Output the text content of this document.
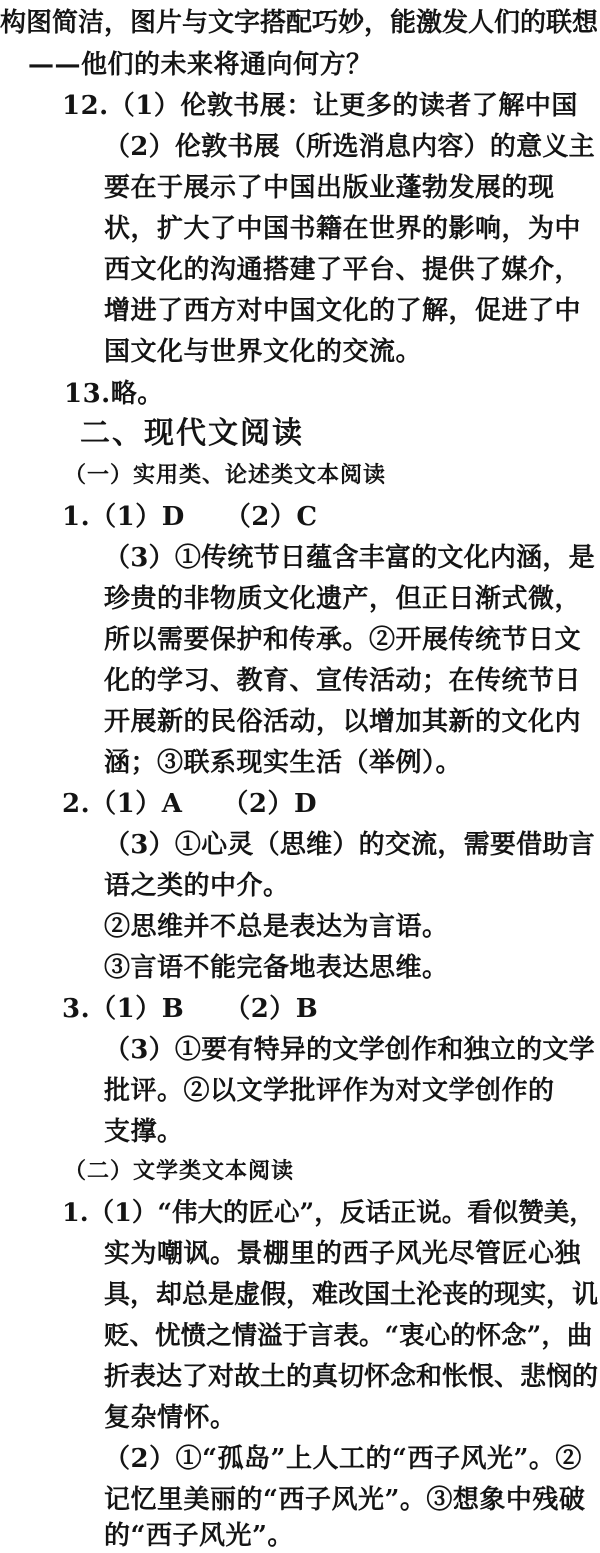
构图简洁，图片与文字搭配巧妙，能激发人们的联想

——他们的未来将通向何方？

12.（1）伦敦书展：让更多的读者了解中国

（2）伦敦书展（所选消息内容）的意义主

要在于展示了中国出版业蓬勃发展的现

状，扩大了中国书籍在世界的影响，为中

西文化的沟通搭建了平台、提供了媒介，

增进了西方对中国文化的了解，促进了中

国文化与世界文化的交流。

13.略。

二、现代文阅读

（一）实用类、论述类文本阅读

1.（1）D　　（2）C

（3）①传统节日蕴含丰富的文化内涵，是

珍贵的非物质文化遗产，但正日渐式微，

所以需要保护和传承。②开展传统节日文

化的学习、教育、宣传活动；在传统节日

开展新的民俗活动，以增加其新的文化内

涵；③联系现实生活（举例）。

2.（1）A　　（2）D

（3）①心灵（思维）的交流，需要借助言

语之类的中介。

②思维并不总是表达为言语。

③言语不能完备地表达思维。

3.（1）B　　（2）B

（3）①要有特异的文学创作和独立的文学

批评。②以文学批评作为对文学创作的

支撑。

（二）文学类文本阅读

1.（1）“伟大的匠心”，反话正说。看似赞美，

实为嘲讽。景棚里的西子风光尽管匠心独

具，却总是虚假，难改国土沦丧的现实，讥

贬、忧愤之情溢于言表。“衷心的怀念”，曲

折表达了对故土的真切怀念和怅恨、悲悯的

复杂情怀。

（2）①“孤岛”上人工的“西子风光”。②

记忆里美丽的“西子风光”。③想象中残破

的“西子风光”。
